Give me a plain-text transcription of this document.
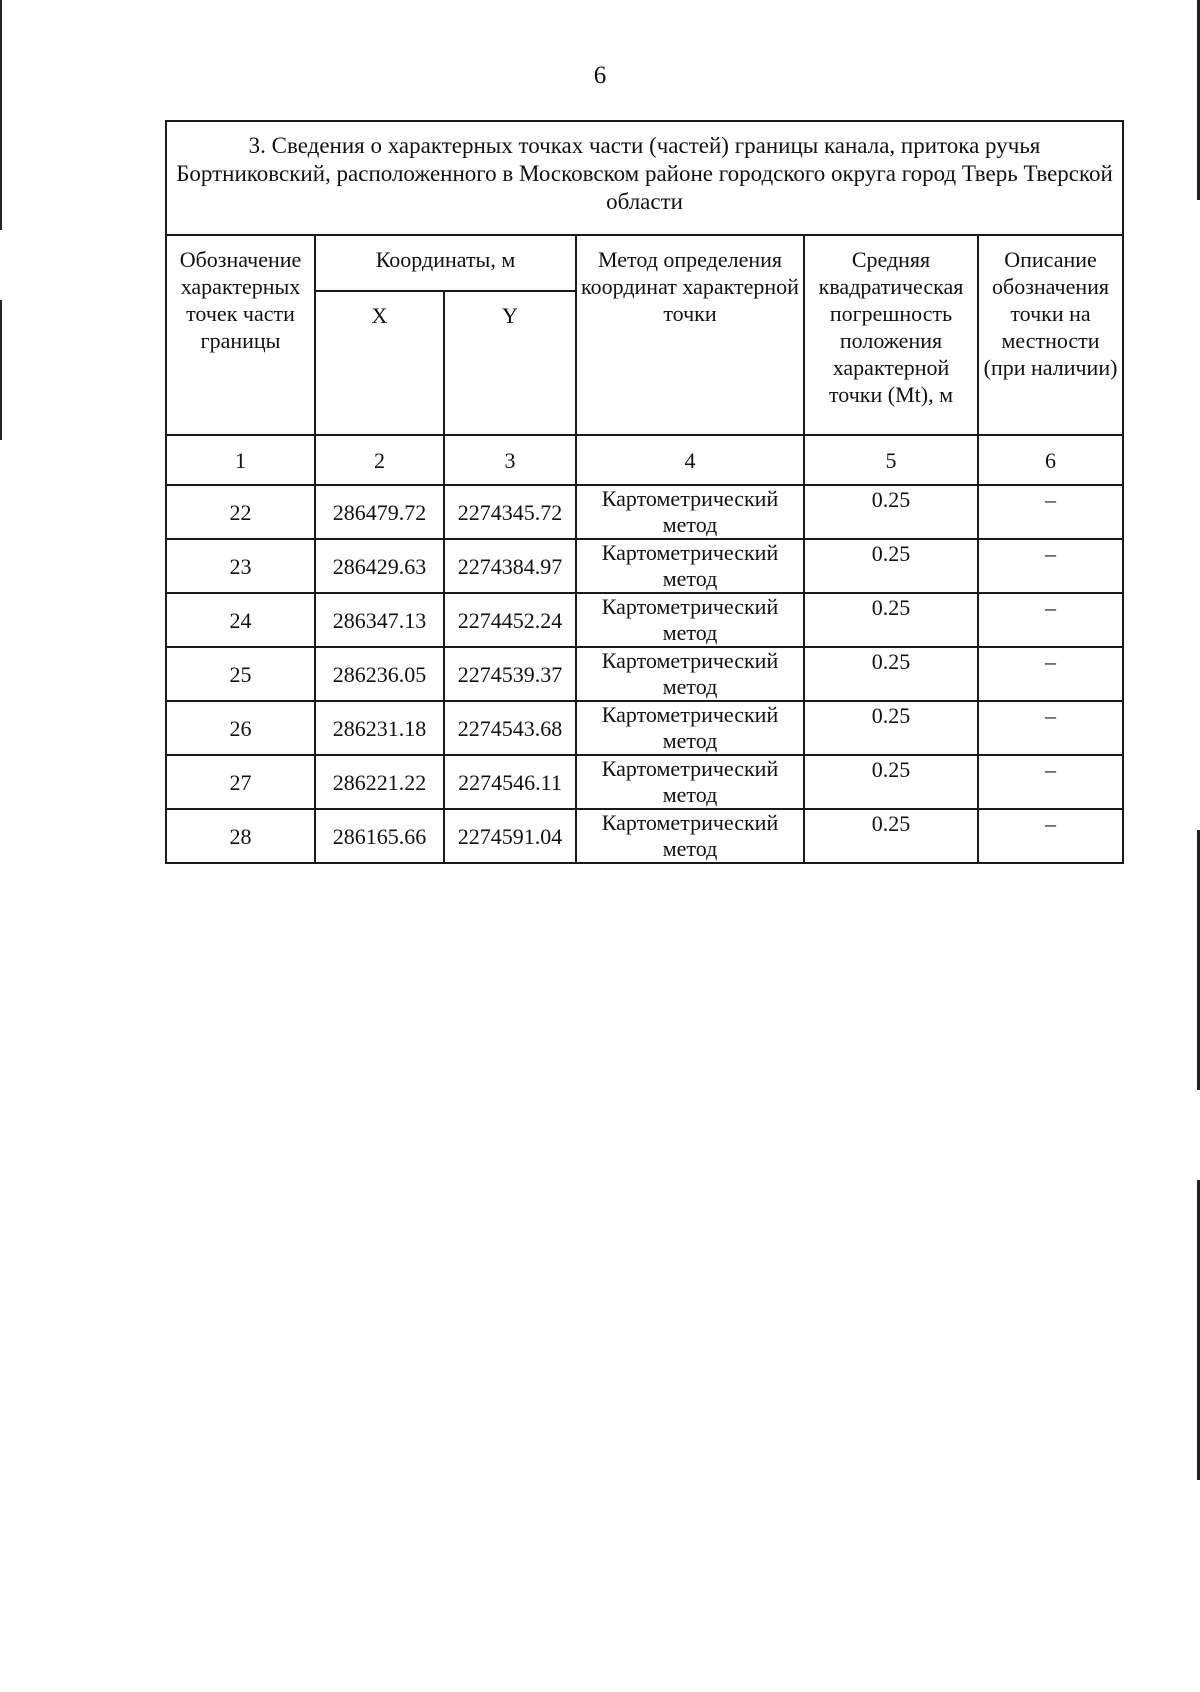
6
3. Сведения о характерных точках части (частей) границы канала, притока ручья Бортниковский, расположенного в Московском районе городского округа город Тверь Тверской области					
Обозначение характерных точек части границы	Координаты, м		Метод определения координат характерной точки	Средняя квадратическая погрешность положения характерной точки (Mt), м	Описание обозначения точки на местности (при наличии)
	X	Y			
1	2	3	4	5	6
22	286479.72	2274345.72	Картометрический метод	0.25	–
23	286429.63	2274384.97	Картометрический метод	0.25	–
24	286347.13	2274452.24	Картометрический метод	0.25	–
25	286236.05	2274539.37	Картометрический метод	0.25	–
26	286231.18	2274543.68	Картометрический метод	0.25	–
27	286221.22	2274546.11	Картометрический метод	0.25	–
28	286165.66	2274591.04	Картометрический метод	0.25	–
